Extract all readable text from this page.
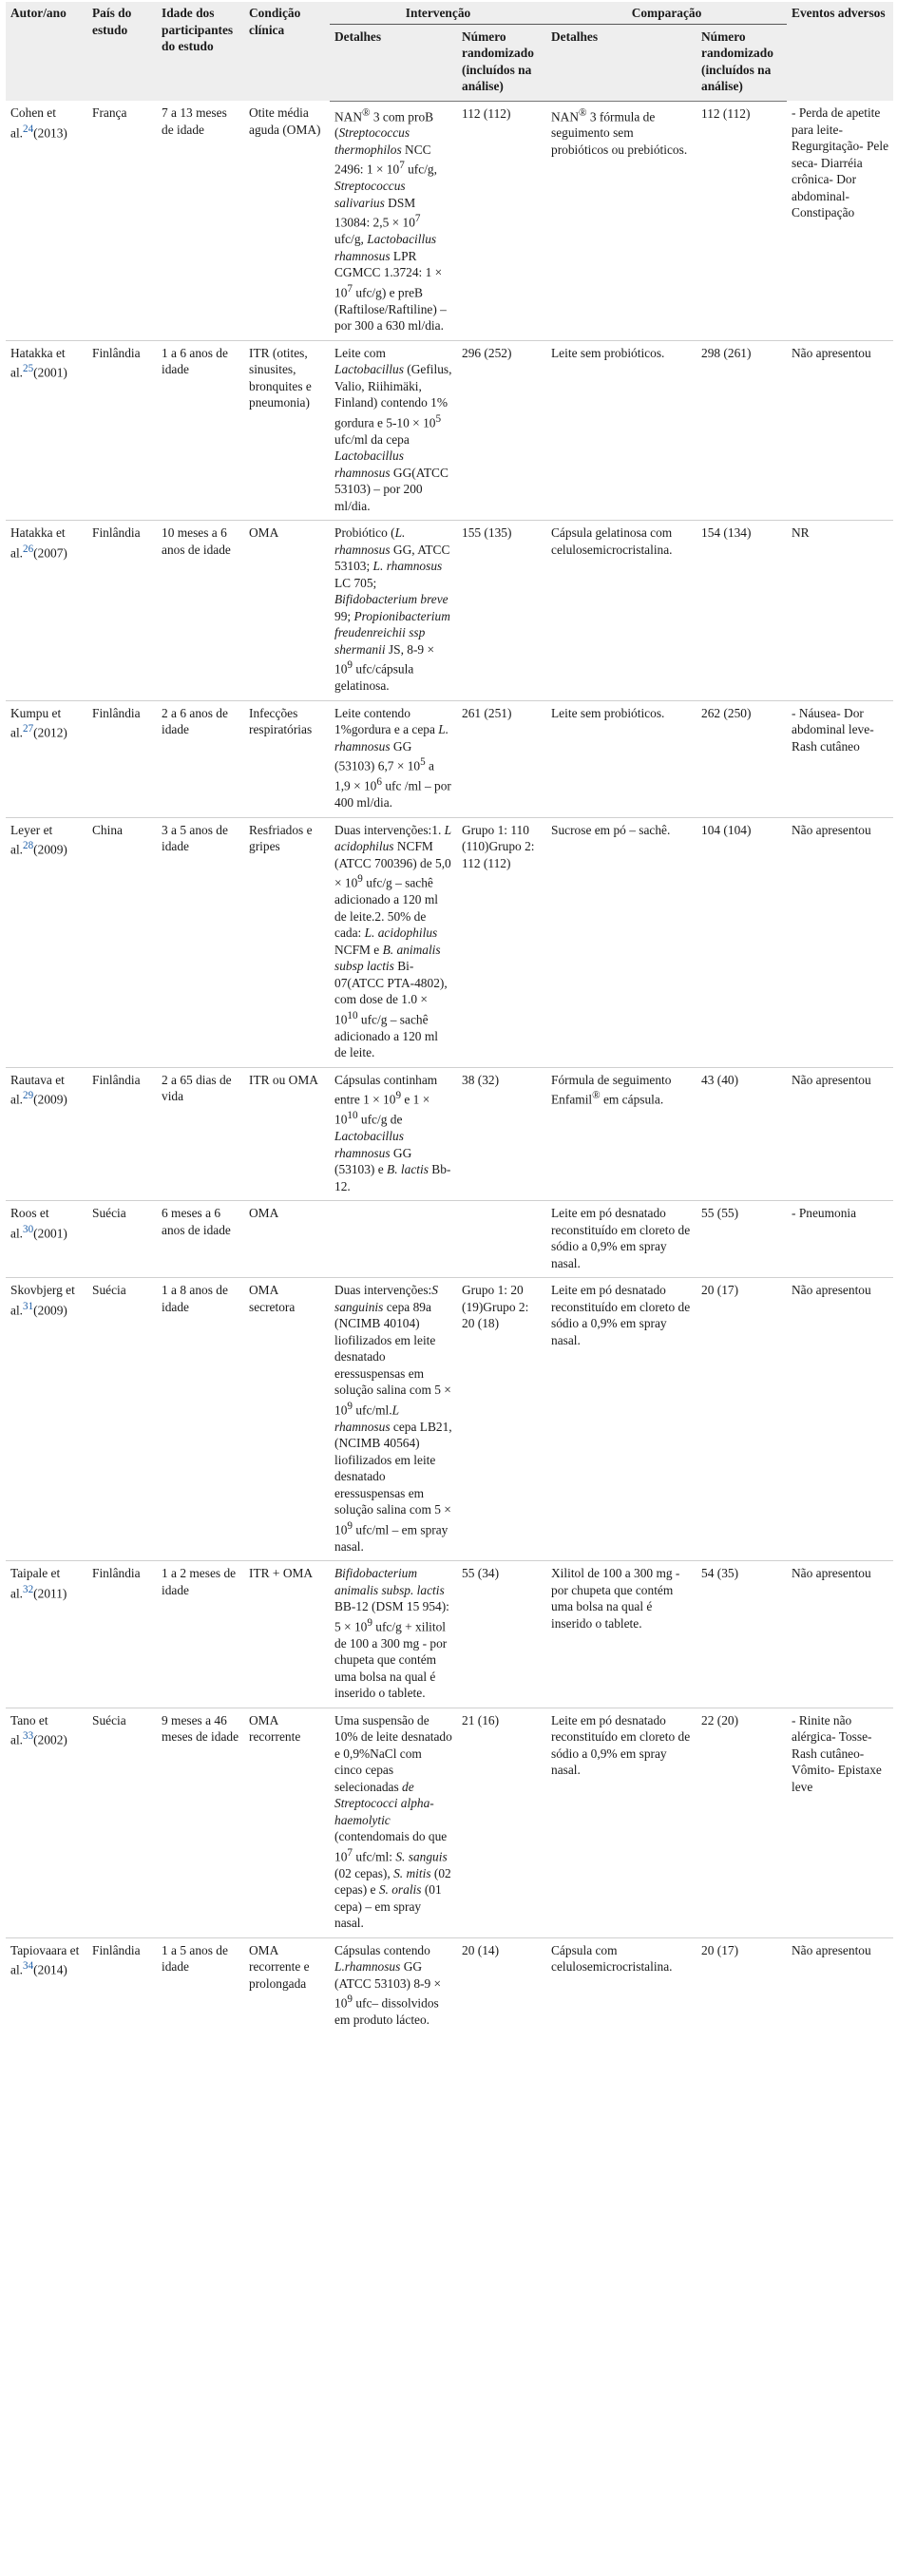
Autor/ano	País do estudo	Idade dos participantes do estudo	Condição clínica	Intervenção		Comparação		Eventos adversos
				Detalhes	Número randomizado (incluídos na análise)	Detalhes	Número randomizado (incluídos na análise)	
Cohen et al.$^{24}$(2013)	França	7 a 13 meses de idade	Otite média aguda (OMA)	NAN® 3 com proB (Streptococcus thermophilos NCC 2496: $1 \times 10^7$ ufc/g, Streptococcus salivarius DSM 13084: $2,5 \times 10^7$ ufc/g, Lactobacillus rhamnosus LPR CGMCC 1.3724: $1 \times 10^7$ ufc/g) e preB (Raftilose/Raftiline) – por 300 a 630 ml/dia.	112 (112)	NAN® 3 fórmula de seguimento sem probióticos ou prebióticos.	112 (112)	- Perda de apetite para leite- Regurgitação- Pele seca- Diarréia crônica- Dor abdominal- Constipação
Hatakka et al.$^{25}$(2001)	Finlândia	1 a 6 anos de idade	ITR (otites, sinusites, bronquites e pneumonia)	Leite com Lactobacillus (Gefilus, Valio, Riihimäki, Finland) contendo 1% gordura e $5-10 \times 10^5$ ufc/ml da cepa Lactobacillus rhamnosus GG(ATCC 53103) – por 200 ml/dia.	296 (252)	Leite sem probióticos.	298 (261)	Não apresentou
Hatakka et al.$^{26}$(2007)	Finlândia	10 meses a 6 anos de idade	OMA	Probiótico (L. rhamnosus GG, ATCC 53103; L. rhamnosus LC 705; Bifidobacterium breve 99; Propionibacterium freudenreichii ssp shermanii JS, $8-9 \times 10^9$ ufc/cápsula gelatinosa.	155 (135)	Cápsula gelatinosa com celulosemicrocristalina.	154 (134)	NR
Kumpu et al.$^{27}$(2012)	Finlândia	2 a 6 anos de idade	Infecções respiratórias	Leite contendo 1%gordura e a cepa L. rhamnosus GG (53103) $6,7 \times 10^5$ a $1,9 \times 10^6$ ufc /ml – por 400 ml/dia.	261 (251)	Leite sem probióticos.	262 (250)	- Náusea- Dor abdominal leve- Rash cutâneo
Leyer et al.$^{28}$(2009)	China	3 a 5 anos de idade	Resfriados e gripes	Duas intervenções:1. L acidophilus NCFM (ATCC 700396) de $5,0 \times 10^9$ ufc/g – sachê adicionado a 120 ml de leite.2. 50% de cada: L. acidophilus NCFM e B. animalis subsp lactis Bi-07(ATCC PTA-4802), com dose de $1.0 \times 10^{10}$ ufc/g – sachê adicionado a 120 ml de leite.	Grupo 1: 110 (110)Grupo 2: 112 (112)	Sucrose em pó – sachê.	104 (104)	Não apresentou
Rautava et al.$^{29}$(2009)	Finlândia	2 a 65 dias de vida	ITR ou OMA	Cápsulas continham entre $1 \times 10^9$ e $1 \times 10^{10}$ ufc/g de Lactobacillus rhamnosus GG (53103) e B. lactis Bb-12.	38 (32)	Fórmula de seguimento Enfamil® em cápsula.	43 (40)	Não apresentou
Roos et al.$^{30}$(2001)	Suécia	6 meses a 6 anos de idade	OMA			Leite em pó desnatado reconstituído em cloreto de sódio a 0,9% em spray nasal.	55 (55)	- Pneumonia
Skovbjerg et al.$^{31}$(2009)	Suécia	1 a 8 anos de idade	OMA secretora	Duas intervenções:S sanguinis cepa 89a (NCIMB 40104) liofilizados em leite desnatado eressuspensas em solução salina com $5 \times 10^9$ ufc/ml.L rhamnosus cepa LB21, (NCIMB 40564) liofilizados em leite desnatado eressuspensas em solução salina com $5 \times 10^9$ ufc/ml – em spray nasal.	Grupo 1: 20 (19)Grupo 2: 20 (18)	Leite em pó desnatado reconstituído em cloreto de sódio a 0,9% em spray nasal.	20 (17)	Não apresentou
Taipale et al.$^{32}$(2011)	Finlândia	1 a 2 meses de idade	ITR + OMA	Bifidobacterium animalis subsp. lactis BB-12 (DSM 15 954): $5 \times 10^9$ ufc/g + xilitol de 100 a 300 mg - por chupeta que contém uma bolsa na qual é inserido o tablete.	55 (34)	Xilitol de 100 a 300 mg - por chupeta que contém uma bolsa na qual é inserido o tablete.	54 (35)	Não apresentou
Tano et al.$^{33}$(2002)	Suécia	9 meses a 46 meses de idade	OMA recorrente	Uma suspensão de 10% de leite desnatado e 0,9%NaCl com cinco cepas selecionadas de Streptococci alpha-haemolytic (contendomais do que $10^7$ ufc/ml: S. sanguis (02 cepas), S. mitis (02 cepas) e S. oralis (01 cepa) – em spray nasal.	21 (16)	Leite em pó desnatado reconstituído em cloreto de sódio a 0,9% em spray nasal.	22 (20)	- Rinite não alérgica- Tosse- Rash cutâneo- Vômito- Epistaxe leve
Tapiovaara et al.$^{34}$(2014)	Finlândia	1 a 5 anos de idade	OMA recorrente e prolongada	Cápsulas contendo L.rhamnosus GG (ATCC 53103) $8-9 \times 10^9$ ufc– dissolvidos em produto lácteo.	20 (14)	Cápsula com celulosemicrocristalina.	20 (17)	Não apresentou
